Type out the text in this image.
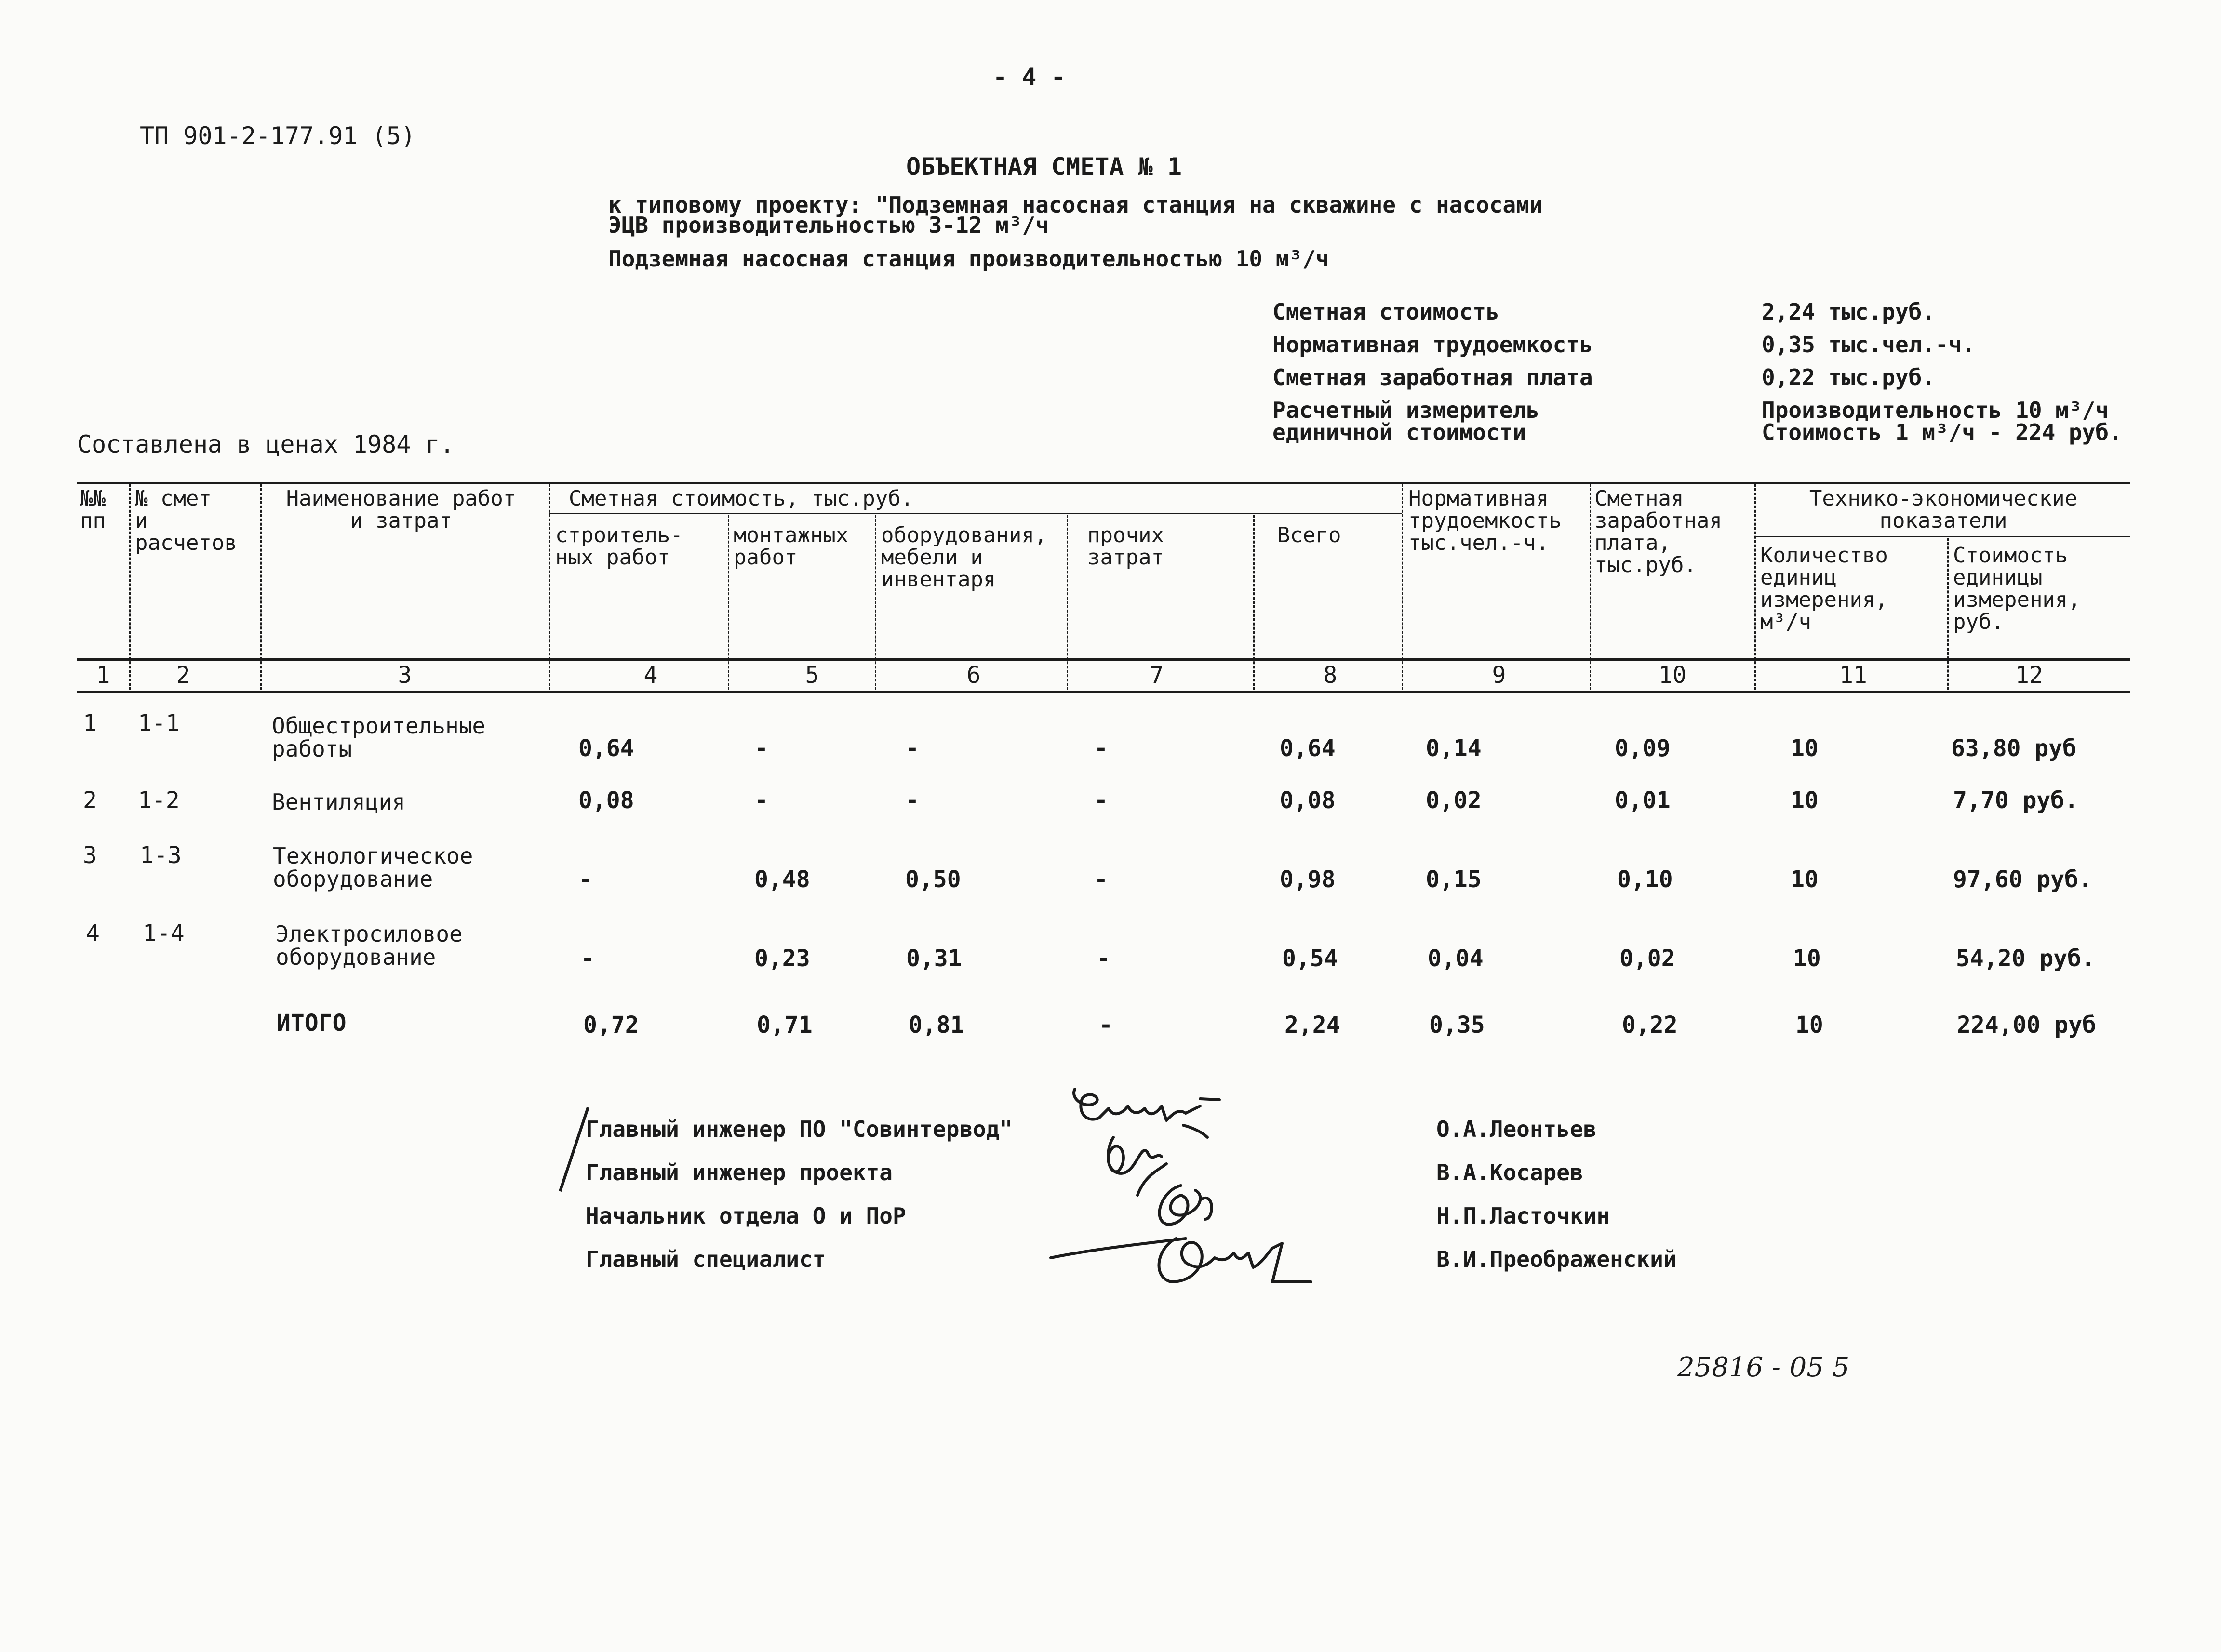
- 4 -
ТП 901-2-177.91 (5)
ОБЪЕКТНАЯ СМЕТА № 1
к типовому проекту: "Подземная насосная станция на скважине с насосами
ЭЦВ производительностью 3-12 м³/ч
Подземная насосная станция производительностью 10 м³/ч
Сметная стоимость	2,24 тыс.руб.
Нормативная трудоемкость	0,35 тыс.чел.-ч.
Сметная заработная плата	0,22 тыс.руб.
Расчетный измеритель
единичной стоимости
Производительность 10 м³/ч
Стоимость 1 м³/ч - 224 руб.
Составлена в ценах 1984 г.
№№
пп
№ смет
и
расчетов
Наименование работ
и затрат
Сметная стоимость, тыс.руб.
строитель-
ных работ
монтажных
работ
оборудования,
мебели и
инвентаря
прочих
затрат
Всего
Нормативная
трудоемкость
тыс.чел.-ч.
Сметная
заработная
плата,
тыс.руб.
Технико-экономические
показатели
Количество
единиц
измерения,
м³/ч
Стоимость
единицы
измерения,
руб.
1	2	3	4	5	6	7	8	9	10	11	12
1 1-1	Общестроительные
работы	0,64	-	-	-	0,64	0,14	0,09	10	63,80 руб
2 1-2	Вентиляция	0,08	-	-	-	0,08	0,02	0,01	10	7,70 руб.
3 1-3	Технологическое
оборудование	-	0,48	0,50	-	0,98	0,15	0,10	10	97,60 руб.
4 1-4	Электросиловое
оборудование	-	0,23	0,31	-	0,54	0,04	0,02	10	54,20 руб.
ИТОГО	0,72	0,71	0,81	-	2,24	0,35	0,22	10	224,00 руб
Главный инженер ПО "Совинтервод"
Главный инженер проекта
Начальник отдела О и ПоР
Главный специалист
О.А.Леонтьев
В.А.Косарев
Н.П.Ласточкин
В.И.Преображенский
25816 - 05 5
